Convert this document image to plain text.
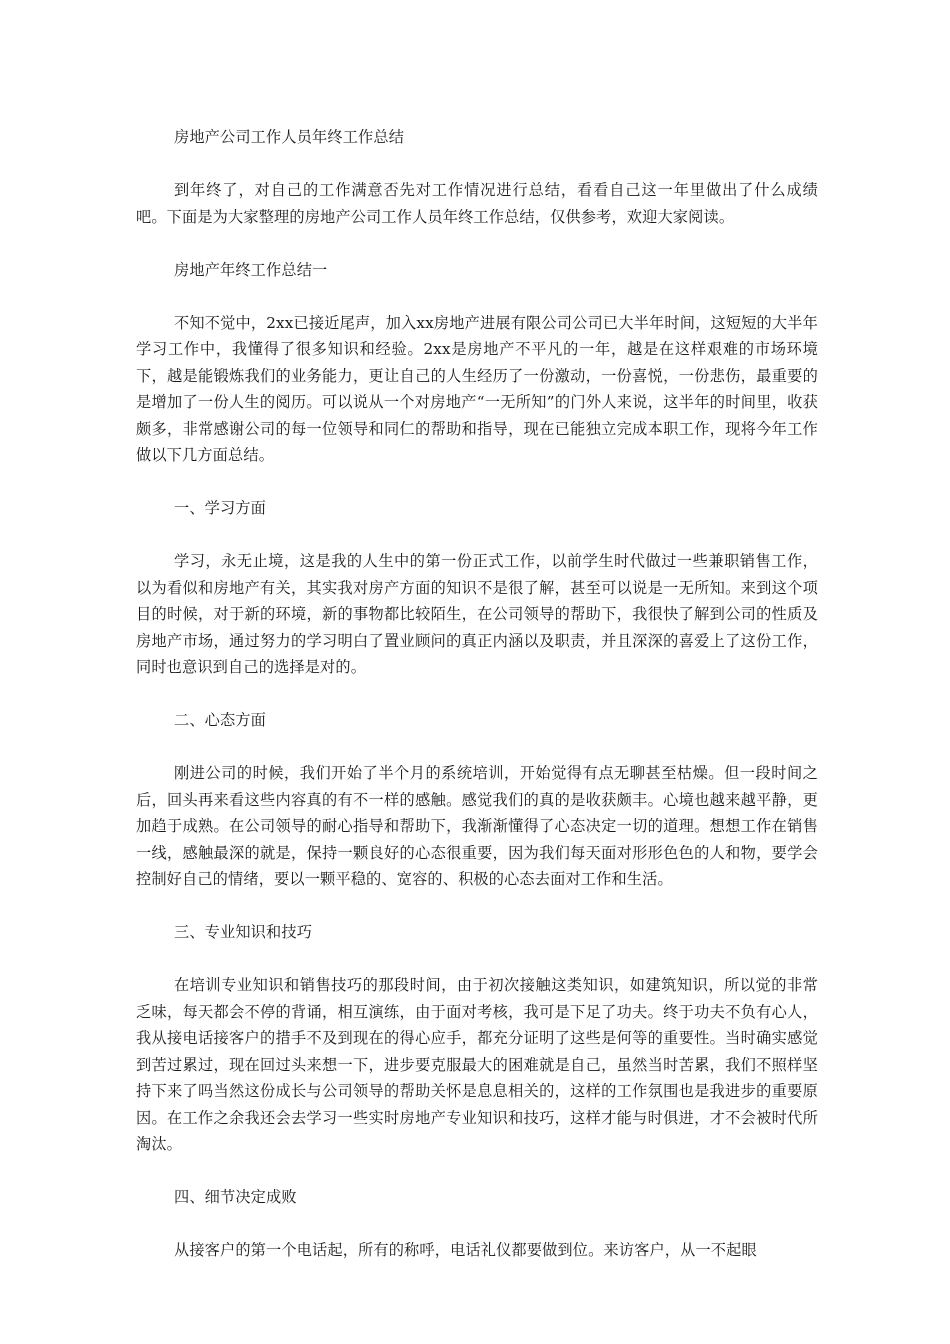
房地产公司工作人员年终工作总结

到年终了，对自己的工作满意否先对工作情况进行总结，看看自己这一年里做出了什么成绩吧。下面是为大家整理的房地产公司工作人员年终工作总结，仅供参考，欢迎大家阅读。

房地产年终工作总结一

不知不觉中，2xx已接近尾声，加入xx房地产进展有限公司公司已大半年时间，这短短的大半年学习工作中，我懂得了很多知识和经验。2xx是房地产不平凡的一年，越是在这样艰难的市场环境下，越是能锻炼我们的业务能力，更让自己的人生经历了一份激动，一份喜悦，一份悲伤，最重要的是增加了一份人生的阅历。可以说从一个对房地产“一无所知”的门外人来说，这半年的时间里，收获颇多，非常感谢公司的每一位领导和同仁的帮助和指导，现在已能独立完成本职工作，现将今年工作做以下几方面总结。

一、学习方面

学习，永无止境，这是我的人生中的第一份正式工作，以前学生时代做过一些兼职销售工作，以为看似和房地产有关，其实我对房产方面的知识不是很了解，甚至可以说是一无所知。来到这个项目的时候，对于新的环境，新的事物都比较陌生，在公司领导的帮助下，我很快了解到公司的性质及房地产市场，通过努力的学习明白了置业顾问的真正内涵以及职责，并且深深的喜爱上了这份工作，同时也意识到自己的选择是对的。

二、心态方面

刚进公司的时候，我们开始了半个月的系统培训，开始觉得有点无聊甚至枯燥。但一段时间之后，回头再来看这些内容真的有不一样的感触。感觉我们的真的是收获颇丰。心境也越来越平静，更加趋于成熟。在公司领导的耐心指导和帮助下，我渐渐懂得了心态决定一切的道理。想想工作在销售一线，感触最深的就是，保持一颗良好的心态很重要，因为我们每天面对形形色色的人和物，要学会控制好自己的情绪，要以一颗平稳的、宽容的、积极的心态去面对工作和生活。

三、专业知识和技巧

在培训专业知识和销售技巧的那段时间，由于初次接触这类知识，如建筑知识，所以觉的非常乏味，每天都会不停的背诵，相互演练，由于面对考核，我可是下足了功夫。终于功夫不负有心人，我从接电话接客户的措手不及到现在的得心应手，都充分证明了这些是何等的重要性。当时确实感觉到苦过累过，现在回过头来想一下，进步要克服最大的困难就是自己，虽然当时苦累，我们不照样坚持下来了吗当然这份成长与公司领导的帮助关怀是息息相关的，这样的工作氛围也是我进步的重要原因。在工作之余我还会去学习一些实时房地产专业知识和技巧，这样才能与时俱进，才不会被时代所淘汰。

四、细节决定成败

从接客户的第一个电话起，所有的称呼，电话礼仪都要做到位。来访客户，从一不起眼
